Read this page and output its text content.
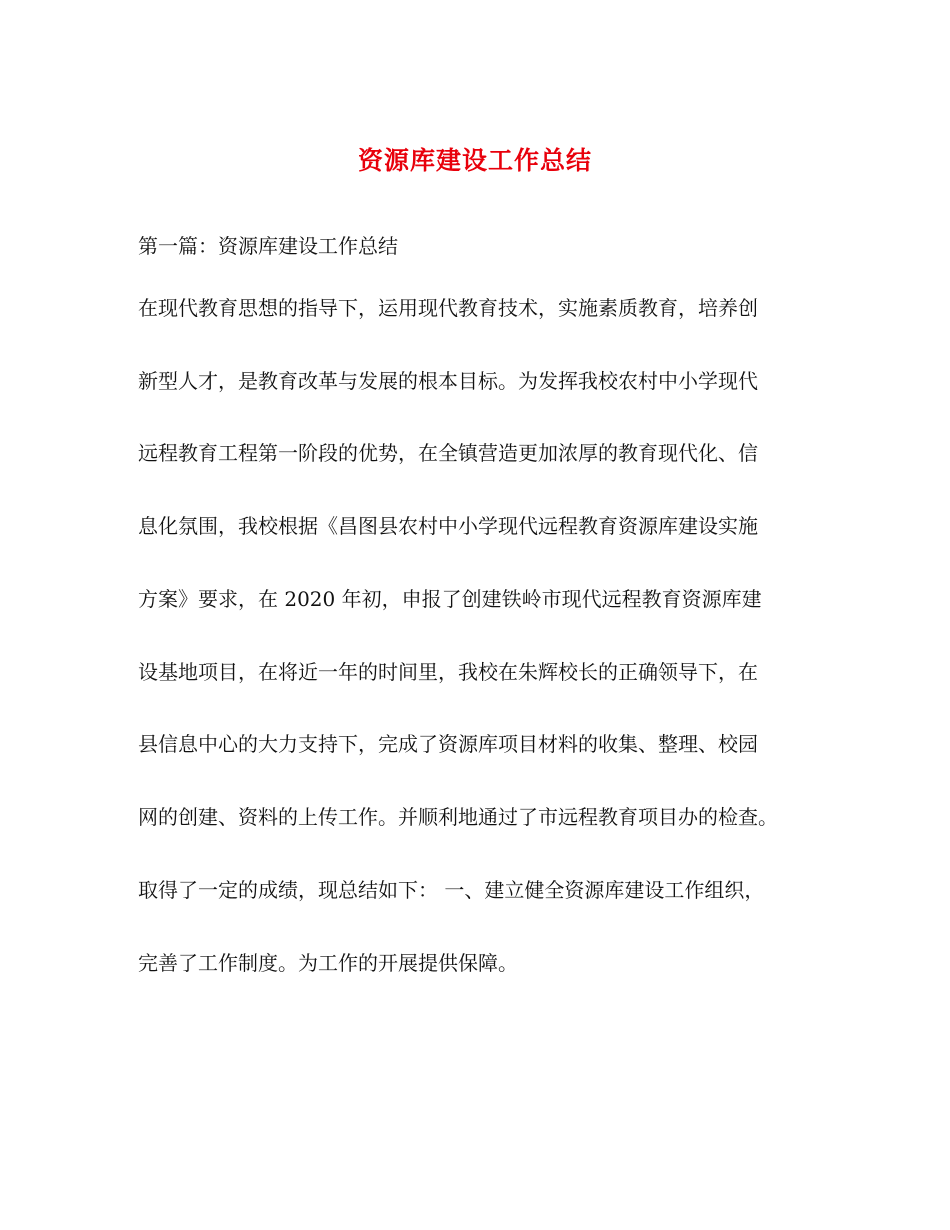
资源库建设工作总结

第一篇：资源库建设工作总结

在现代教育思想的指导下，运用现代教育技术，实施素质教育，培养创

新型人才，是教育改革与发展的根本目标。为发挥我校农村中小学现代

远程教育工程第一阶段的优势，在全镇营造更加浓厚的教育现代化、信

息化氛围，我校根据《昌图县农村中小学现代远程教育资源库建设实施

方案》要求，在 2020 年初，申报了创建铁岭市现代远程教育资源库建

设基地项目，在将近一年的时间里，我校在朱辉校长的正确领导下，在

县信息中心的大力支持下，完成了资源库项目材料的收集、整理、校园

网的创建、资料的上传工作。并顺利地通过了市远程教育项目办的检查。

取得了一定的成绩，现总结如下： 一、建立健全资源库建设工作组织，

完善了工作制度。为工作的开展提供保障。
